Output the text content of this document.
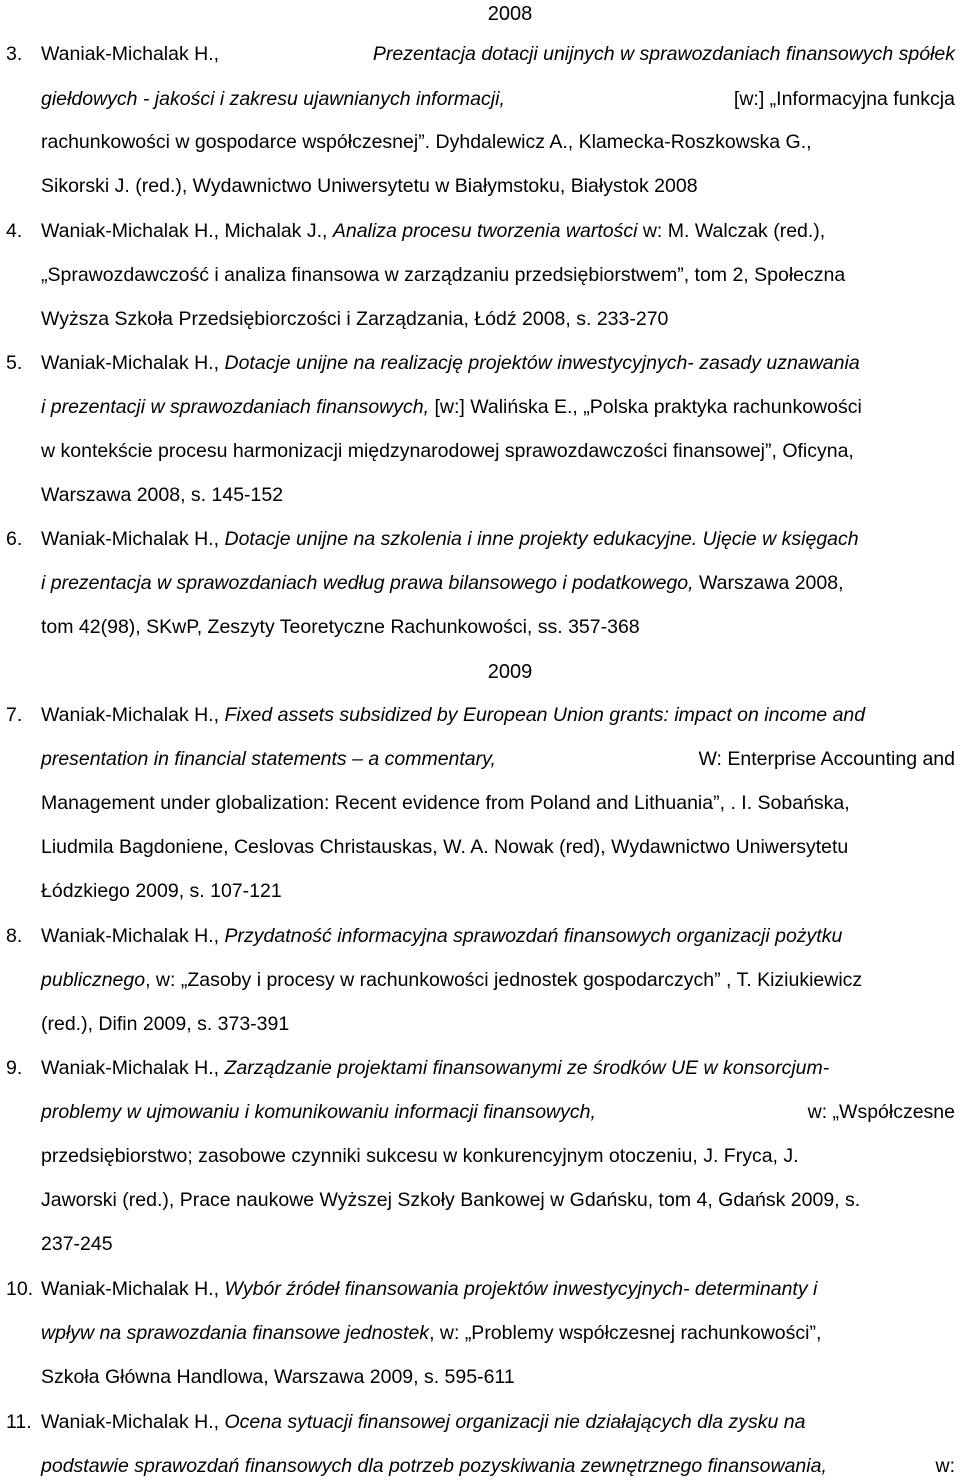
2008
3. Waniak-Michalak H.,	Prezentacja dotacji unijnych w sprawozdaniach finansowych spółek
giełdowych - jakości i zakresu ujawnianych informacji,	[w:] „Informacyjna funkcja
rachunkowości w gospodarce współczesnej”. Dyhdalewicz A., Klamecka-Roszkowska G.,
Sikorski J. (red.), Wydawnictwo Uniwersytetu w Białymstoku, Białystok 2008
4. Waniak-Michalak H., Michalak J., Analiza procesu tworzenia wartości w: M. Walczak (red.),
„Sprawozdawczość i analiza finansowa w zarządzaniu przedsiębiorstwem”, tom 2, Społeczna
Wyższa Szkoła Przedsiębiorczości i Zarządzania, Łódź 2008, s. 233-270
5. Waniak-Michalak H., Dotacje unijne na realizację projektów inwestycyjnych- zasady uznawania
i prezentacji w sprawozdaniach finansowych, [w:] Walińska E., „Polska praktyka rachunkowości
w kontekście procesu harmonizacji międzynarodowej sprawozdawczości finansowej”, Oficyna,
Warszawa 2008, s. 145-152
6. Waniak-Michalak H., Dotacje unijne na szkolenia i inne projekty edukacyjne. Ujęcie w księgach
i prezentacja w sprawozdaniach według prawa bilansowego i podatkowego, Warszawa 2008,
tom 42(98), SKwP, Zeszyty Teoretyczne Rachunkowości, ss. 357-368
2009
7. Waniak-Michalak H., Fixed assets subsidized by European Union grants: impact on income and
presentation in financial statements – a commentary,	W: Enterprise Accounting and
Management under globalization: Recent evidence from Poland and Lithuania”, . I. Sobańska,
Liudmila Bagdoniene, Ceslovas Christauskas, W. A. Nowak (red), Wydawnictwo Uniwersytetu
Łódzkiego 2009, s. 107-121
8. Waniak-Michalak H., Przydatność informacyjna sprawozdań finansowych organizacji pożytku
publicznego, w: „Zasoby i procesy w rachunkowości jednostek gospodarczych” , T. Kiziukiewicz
(red.), Difin 2009, s. 373-391
9. Waniak-Michalak H., Zarządzanie projektami finansowanymi ze środków UE w konsorcjum-
problemy w ujmowaniu i komunikowaniu informacji finansowych,	w: „Współczesne
przedsiębiorstwo; zasobowe czynniki sukcesu w konkurencyjnym otoczeniu, J. Fryca, J.
Jaworski (red.), Prace naukowe Wyższej Szkoły Bankowej w Gdańsku, tom 4, Gdańsk 2009, s.
237-245
10. Waniak-Michalak H., Wybór źródeł finansowania projektów inwestycyjnych- determinanty i
wpływ na sprawozdania finansowe jednostek, w: „Problemy współczesnej rachunkowości”,
Szkoła Główna Handlowa, Warszawa 2009, s. 595-611
11. Waniak-Michalak H., Ocena sytuacji finansowej organizacji nie działających dla zysku na
podstawie sprawozdań finansowych dla potrzeb pozyskiwania zewnętrznego finansowania,	w:
